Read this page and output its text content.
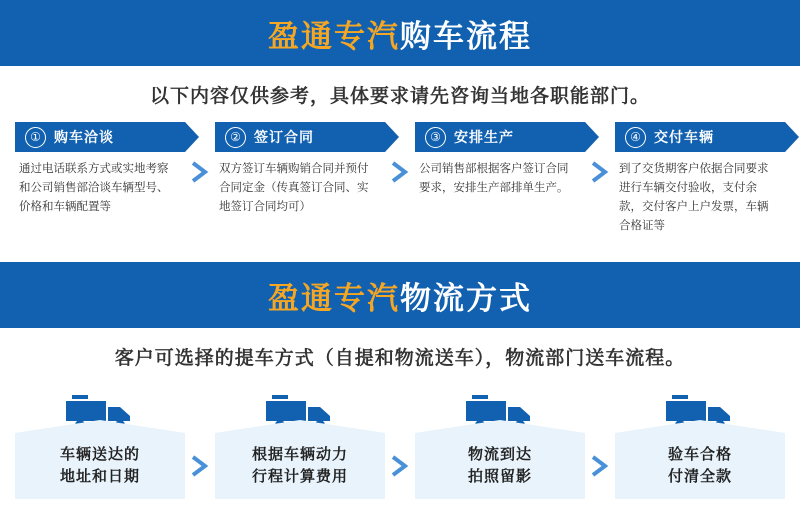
盈通专汽购车流程
以下内容仅供参考，具体要求请先咨询当地各职能部门。
① 购车洽谈
通过电话联系方式或实地考察和公司销售部洽谈车辆型号、价格和车辆配置等
② 签订合同
双方签订车辆购销合同并预付合同定金（传真签订合同、实地签订合同均可）
③ 安排生产
公司销售部根据客户签订合同要求，安排生产部排单生产。
④ 交付车辆
到了交货期客户依据合同要求进行车辆交付验收，支付余款，交付客户上户发票，车辆合格证等
盈通专汽物流方式
客户可选择的提车方式（自提和物流送车），物流部门送车流程。
车辆送达的
地址和日期
根据车辆动力
行程计算费用
物流到达
拍照留影
验车合格
付清全款
